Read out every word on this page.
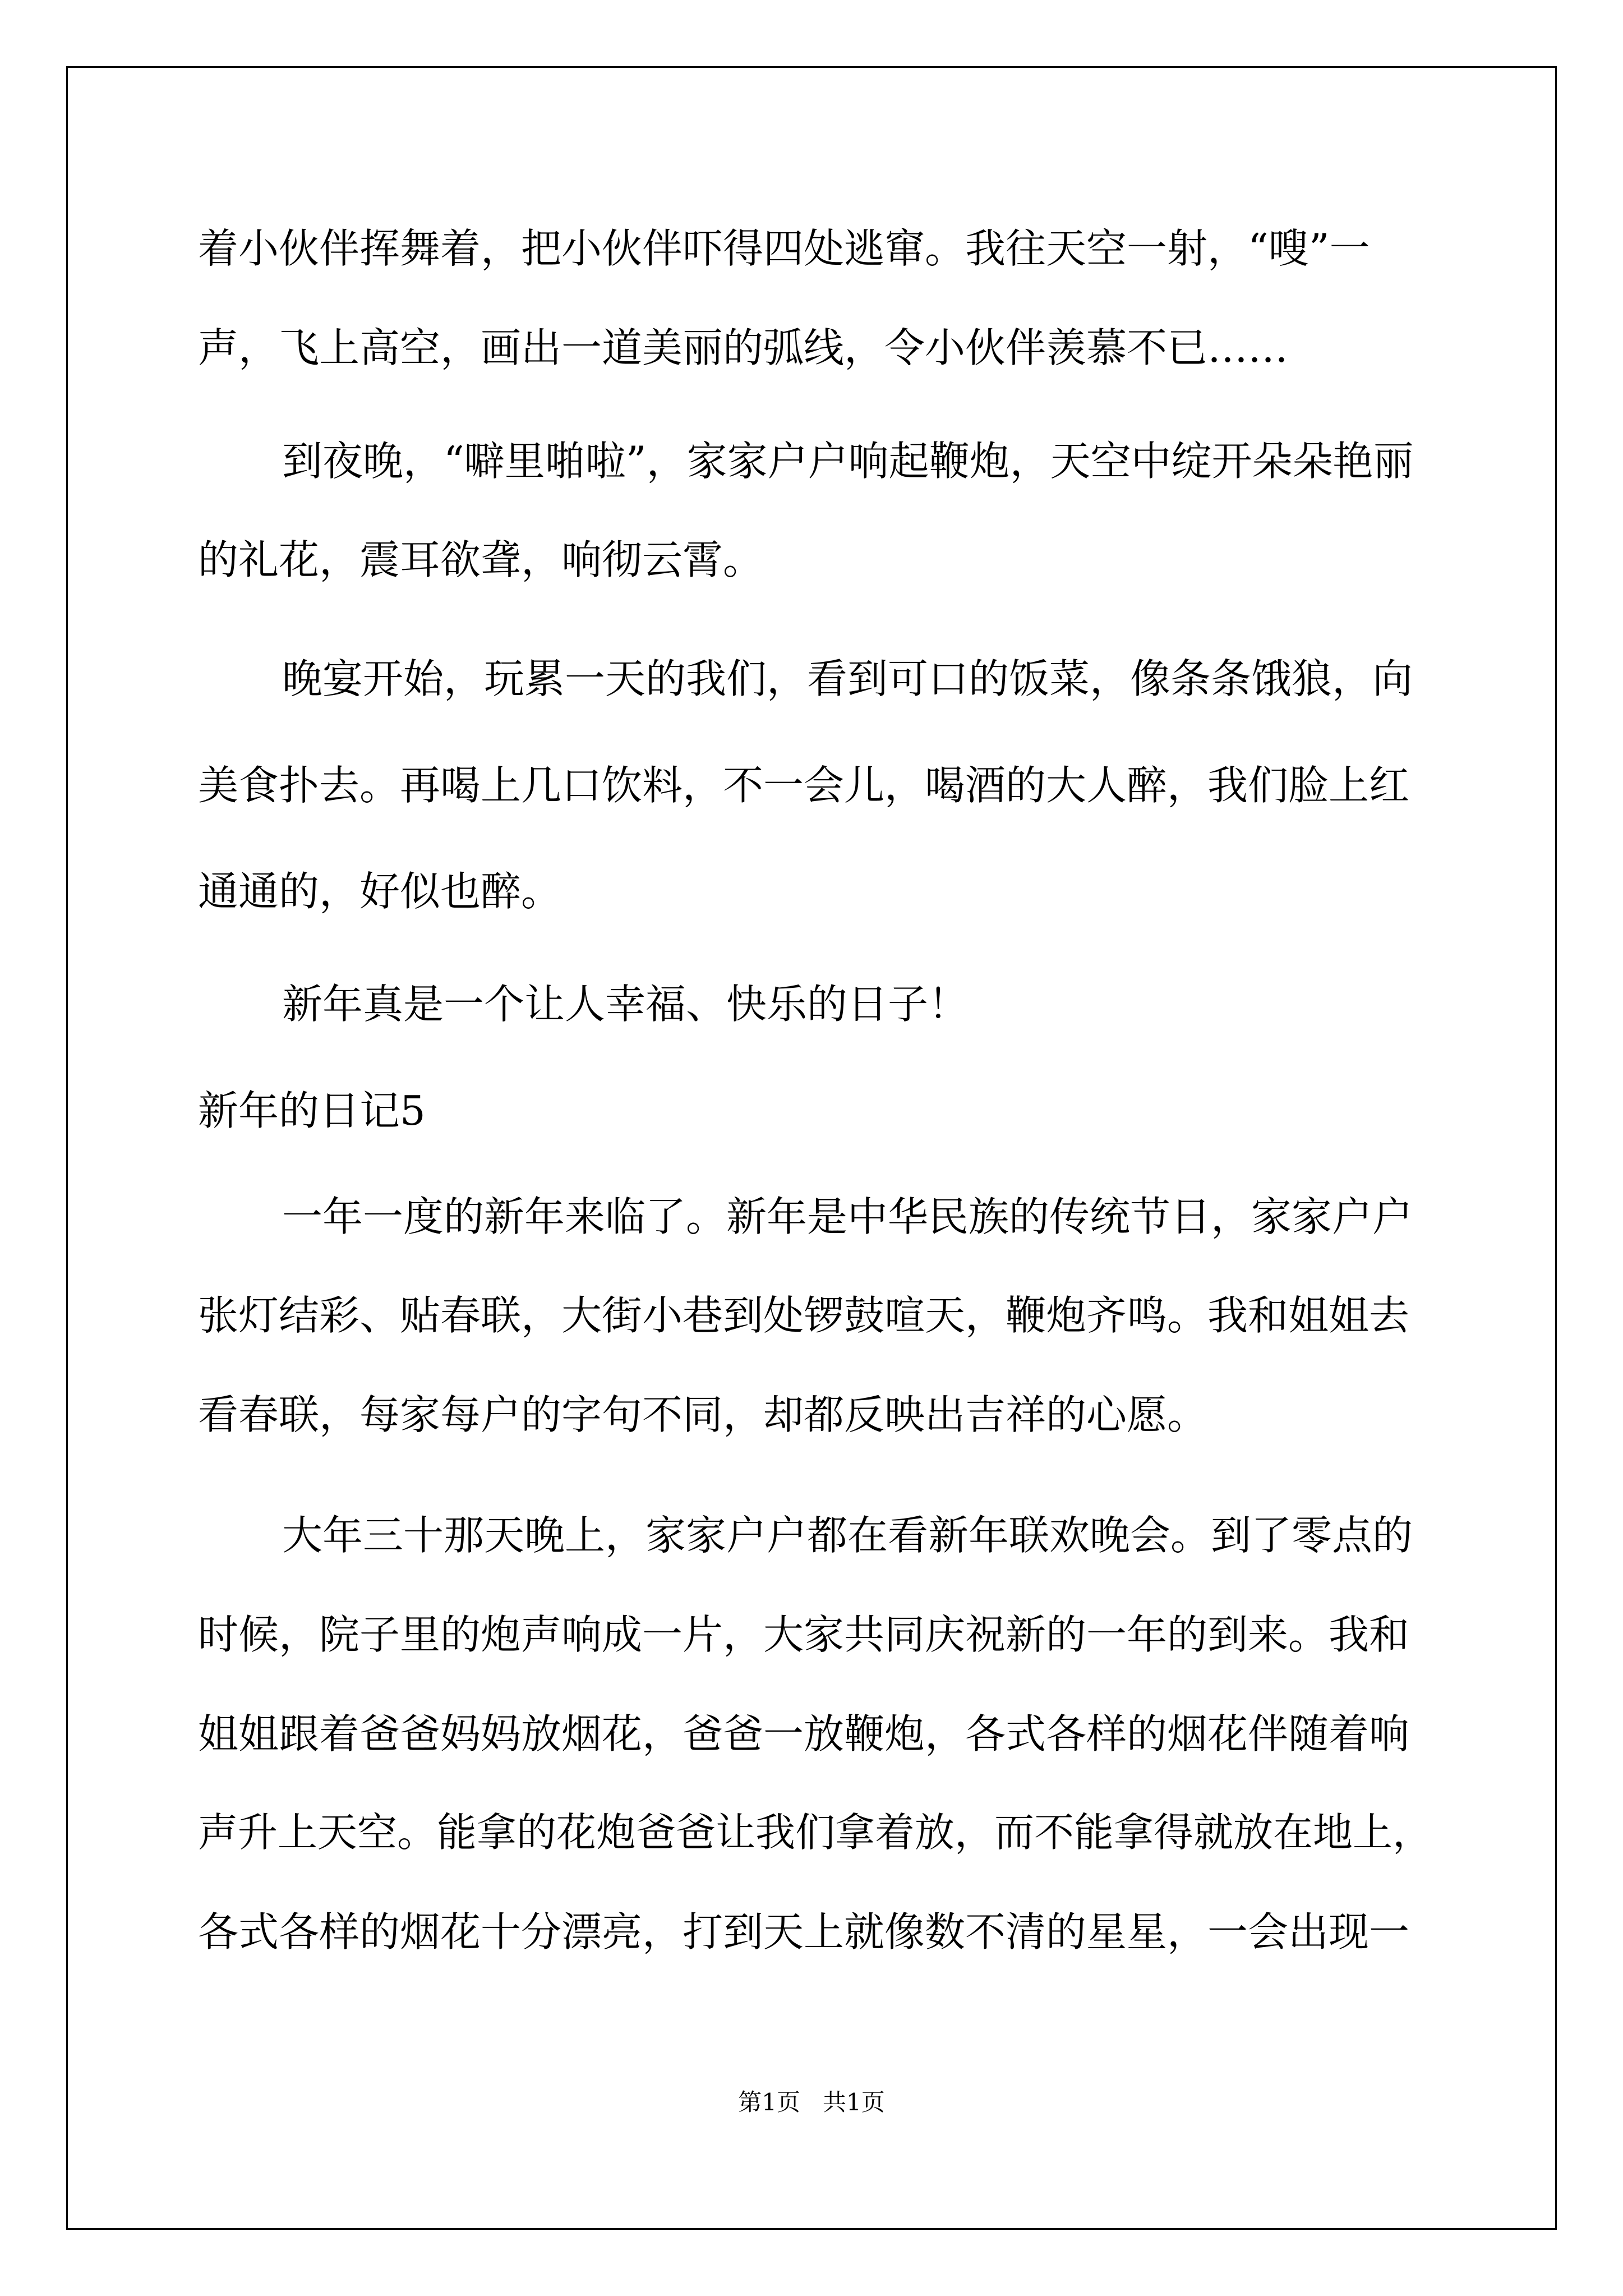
着小伙伴挥舞着，把小伙伴吓得四处逃窜。我往天空一射，“嗖”一

声，飞上高空，画出一道美丽的弧线，令小伙伴羡慕不已……

到夜晚，“噼里啪啦”，家家户户响起鞭炮，天空中绽开朵朵艳丽

的礼花，震耳欲聋，响彻云霄。

晚宴开始，玩累一天的我们，看到可口的饭菜，像条条饿狼，向

美食扑去。再喝上几口饮料，不一会儿，喝酒的大人醉，我们脸上红

通通的，好似也醉。

新年真是一个让人幸福、快乐的日子！

新年的日记5

一年一度的新年来临了。新年是中华民族的传统节日，家家户户

张灯结彩、贴春联，大街小巷到处锣鼓喧天，鞭炮齐鸣。我和姐姐去

看春联，每家每户的字句不同，却都反映出吉祥的心愿。

大年三十那天晚上，家家户户都在看新年联欢晚会。到了零点的

时候，院子里的炮声响成一片，大家共同庆祝新的一年的到来。我和

姐姐跟着爸爸妈妈放烟花，爸爸一放鞭炮，各式各样的烟花伴随着响

声升上天空。能拿的花炮爸爸让我们拿着放，而不能拿得就放在地上，

各式各样的烟花十分漂亮，打到天上就像数不清的星星，一会出现一

第1页   共1页
